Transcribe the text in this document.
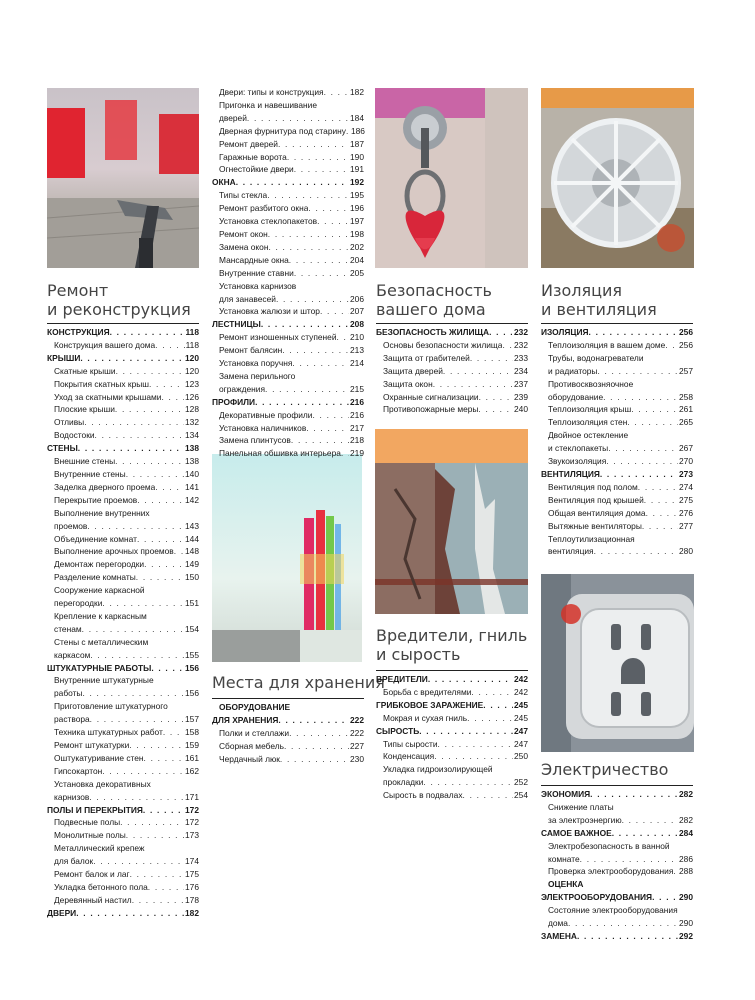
Ремонт
и реконструкция
Безопасность
вашего дома
Изоляция
и вентиляция
Места для хранения
Вредители, гниль
и сырость
Электричество
КОНСТРУКЦИЯ . . .	118
Конструкция вашего дома . . .	118
КРЫШИ . . .	120
Скатные крыши . . .	120
Покрытия скатных крыш . . .	123
Уход за скатными крышами . . .	126
Плоские крыши . . .	128
Отливы . . .	132
Водостоки . . .	134
СТЕНЫ . . .	138
Внешние стены . . .	138
Внутренние стены . . .	140
Заделка дверного проема . . .	141
Перекрытие проемов . . .	142
Выполнение внутренних
проемов . . .	143
Объединение комнат . . .	144
Выполнение арочных проемов . . . 148
Демонтаж перегородки . . .	149
Разделение комнаты . . .	150
Сооружение каркасной
перегородки . . .	151
Крепление к каркасным
стенам . . .	154
Стены с металлическим
каркасом . . .	155
ШТУКАТУРНЫЕ РАБОТЫ . . .	156
Внутренние штукатурные
работы . . .	156
Приготовление штукатурного
раствора . . .	157
Техника штукатурных работ . . .	158
Ремонт штукатурки . . .	159
Оштукатуривание стен . . .	161
Гипсокартон . . .	162
Установка декоративных
карнизов . . .	171
ПОЛЫ И ПЕРЕКРЫТИЯ . . .	172
Подвесные полы . . .	172
Монолитные полы . . .	173
Металлический крепеж
для балок . . .	174
Ремонт балок и лаг . . .	175
Укладка бетонного пола . . .	176
Деревянный настил . . .	178
ДВЕРИ . . .	182
Двери: типы и конструкция . . .	182
Пригонка и навешивание
дверей . . .	184
Дверная фурнитура под старину . . . 186
Ремонт дверей . . .	187
Гаражные ворота . . .	190
Огнестойкие двери . . .	191
ОКНА . . .	192
Типы стекла . . .	195
Ремонт разбитого окна . . .	196
Установка стеклопакетов . . .	197
Ремонт окон . . .	198
Замена окон . . .	202
Мансардные окна . . .	204
Внутренние ставни . . .	205
Установка карнизов
для занавесей . . .	206
Установка жалюзи и штор . . .	207
ЛЕСТНИЦЫ . . .	208
Ремонт изношенных ступеней . . . 210
Ремонт балясин . . .	213
Установка поручня . . .	214
Замена перильного
ограждения . . .	215
ПРОФИЛИ . . .	216
Декоративные профили . . .	216
Установка наличников . . .	217
Замена плинтусов . . .	218
Панельная обшивка интерьера . . . 219
ОБОРУДОВАНИЕ
ДЛЯ ХРАНЕНИЯ . . .	222
Полки и стеллажи . . .	222
Сборная мебель . . .	227
Чердачный люк . . .	230
БЕЗОПАСНОСТЬ ЖИЛИЩА . . .	232
Основы безопасности жилища . . . 232
Защита от грабителей . . .	233
Защита дверей . . .	234
Защита окон . . .	237
Охранные сигнализации . . .	239
Противопожарные меры . . .	240
ВРЕДИТЕЛИ . . .	242
Борьба с вредителями . . .	242
ГРИБКОВОЕ ЗАРАЖЕНИЕ . . .	245
Мокрая и сухая гниль . . .	245
СЫРОСТЬ . . .	247
Типы сырости . . .	247
Конденсация . . .	250
Укладка гидроизолирующей
прокладки . . .	252
Сырость в подвалах . . .	254
ИЗОЛЯЦИЯ . . .	256
Теплоизоляция в вашем доме . . . 256
Трубы, водонагреватели
и радиаторы . . .	257
Противосквозняочное
оборудование . . .	258
Теплоизоляция крыш . . .	261
Теплоизоляция стен . . .	265
Двойное остекление
и стеклопакеты . . .	267
Звукоизоляция . . .	270
ВЕНТИЛЯЦИЯ . . .	273
Вентиляция под полом . . .	274
Вентиляция под крышей . . .	275
Общая вентиляция дома . . .	276
Вытяжные вентиляторы . . .	277
Теплоутилизационная
вентиляция . . .	280
ЭКОНОМИЯ . . .	282
Снижение платы
за электроэнергию . . .	282
САМОЕ ВАЖНОЕ . . .	284
Электробезопасность в ванной
комнате . . .	286
Проверка электрооборудования . . . 288
ОЦЕНКА
ЭЛЕКТРООБОРУДОВАНИЯ . . .	290
Состояние электрооборудования
дома . . .	290
ЗАМЕНА . . .	292
